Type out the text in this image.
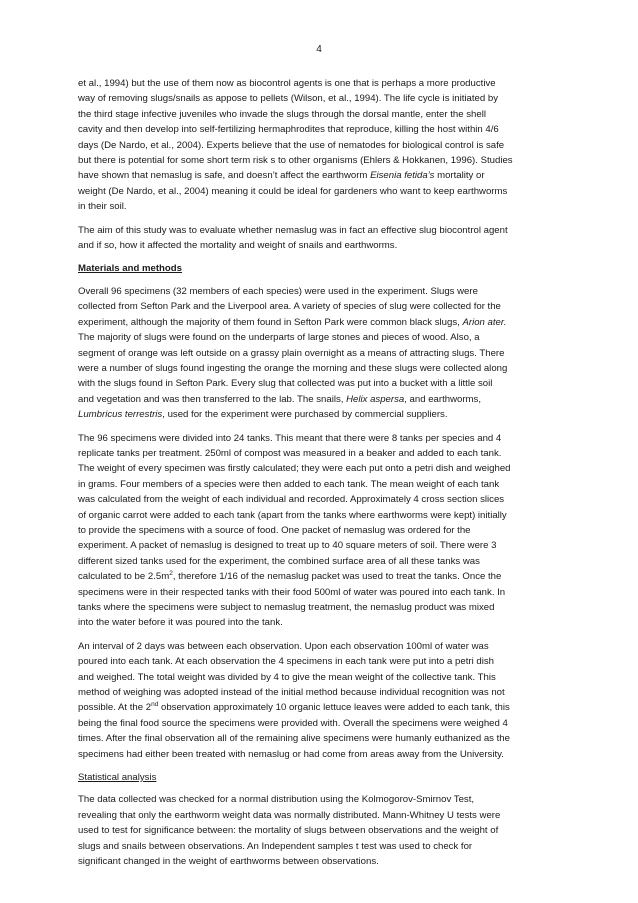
4

et al., 1994) but the use of them now as biocontrol agents is one that is perhaps a more productive
way of removing slugs/snails as appose to pellets (Wilson, et al., 1994). The life cycle is initiated by
the third stage infective juveniles who invade the slugs through the dorsal mantle, enter the shell
cavity and then develop into self-fertilizing hermaphrodites that reproduce, killing the host within 4/6
days (De Nardo, et al., 2004). Experts believe that the use of nematodes for biological control is safe
but there is potential for some short term risk s to other organisms (Ehlers & Hokkanen, 1996). Studies
have shown that nemaslug is safe, and doesn’t affect the earthworm Eisenia fetida’s mortality or
weight (De Nardo, et al., 2004) meaning it could be ideal for gardeners who want to keep earthworms
in their soil.

The aim of this study was to evaluate whether nemaslug was in fact an effective slug biocontrol agent
and if so, how it affected the mortality and weight of snails and earthworms.

Materials and methods

Overall 96 specimens (32 members of each species) were used in the experiment. Slugs were
collected from Sefton Park and the Liverpool area. A variety of species of slug were collected for the
experiment, although the majority of them found in Sefton Park were common black slugs, Arion ater.
The majority of slugs were found on the underparts of large stones and pieces of wood. Also, a
segment of orange was left outside on a grassy plain overnight as a means of attracting slugs. There
were a number of slugs found ingesting the orange the morning and these slugs were collected along
with the slugs found in Sefton Park. Every slug that collected was put into a bucket with a little soil
and vegetation and was then transferred to the lab. The snails, Helix aspersa, and earthworms,
Lumbricus terrestris, used for the experiment were purchased by commercial suppliers.

The 96 specimens were divided into 24 tanks. This meant that there were 8 tanks per species and 4
replicate tanks per treatment. 250ml of compost was measured in a beaker and added to each tank.
The weight of every specimen was firstly calculated; they were each put onto a petri dish and weighed
in grams. Four members of a species were then added to each tank. The mean weight of each tank
was calculated from the weight of each individual and recorded. Approximately 4 cross section slices
of organic carrot were added to each tank (apart from the tanks where earthworms were kept) initially
to provide the specimens with a source of food. One packet of nemaslug was ordered for the
experiment. A packet of nemaslug is designed to treat up to 40 square meters of soil. There were 3
different sized tanks used for the experiment, the combined surface area of all these tanks was
calculated to be $2.5m^2$, therefore 1/16 of the nemaslug packet was used to treat the tanks. Once the
specimens were in their respected tanks with their food 500ml of water was poured into each tank. In
tanks where the specimens were subject to nemaslug treatment, the nemaslug product was mixed
into the water before it was poured into the tank.

An interval of 2 days was between each observation. Upon each observation 100ml of water was
poured into each tank. At each observation the 4 specimens in each tank were put into a petri dish
and weighed. The total weight was divided by 4 to give the mean weight of the collective tank. This
method of weighing was adopted instead of the initial method because individual recognition was not
possible. At the 2nd observation approximately 10 organic lettuce leaves were added to each tank, this
being the final food source the specimens were provided with. Overall the specimens were weighed 4
times. After the final observation all of the remaining alive specimens were humanly euthanized as the
specimens had either been treated with nemaslug or had come from areas away from the University.

Statistical analysis

The data collected was checked for a normal distribution using the Kolmogorov-Smirnov Test,
revealing that only the earthworm weight data was normally distributed. Mann-Whitney U tests were
used to test for significance between: the mortality of slugs between observations and the weight of
slugs and snails between observations. An Independent samples t test was used to check for
significant changed in the weight of earthworms between observations.
